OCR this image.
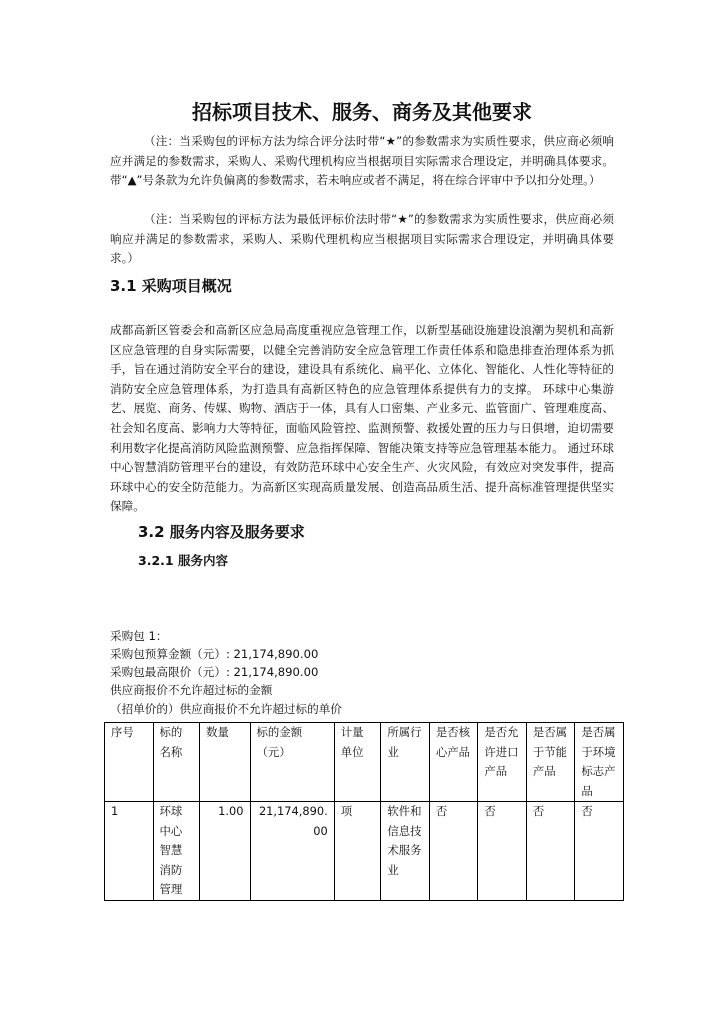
招标项目技术、服务、商务及其他要求
（注：当采购包的评标方法为综合评分法时带“★”的参数需求为实质性要求，供应商必须响应并满足的参数需求，采购人、采购代理机构应当根据项目实际需求合理设定，并明确具体要求。带“▲”号条款为允许负偏离的参数需求，若未响应或者不满足，将在综合评审中予以扣分处理。）
（注：当采购包的评标方法为最低评标价法时带“★”的参数需求为实质性要求，供应商必须响应并满足的参数需求，采购人、采购代理机构应当根据项目实际需求合理设定，并明确具体要求。）
3.1 采购项目概况
成都高新区管委会和高新区应急局高度重视应急管理工作，以新型基础设施建设浪潮为契机和高新区应急管理的自身实际需要，以健全完善消防安全应急管理工作责任体系和隐患排查治理体系为抓手，旨在通过消防安全平台的建设，建设具有系统化、扁平化、立体化、智能化、人性化等特征的消防安全应急管理体系，为打造具有高新区特色的应急管理体系提供有力的支撑。 环球中心集游艺、展览、商务、传媒、购物、酒店于一体，具有人口密集、产业多元、监管面广、管理难度高、社会知名度高、影响力大等特征，面临风险管控、监测预警、救援处置的压力与日俱增，迫切需要利用数字化提高消防风险监测预警、应急指挥保障、智能决策支持等应急管理基本能力。 通过环球中心智慧消防管理平台的建设，有效防范环球中心安全生产、火灾风险，有效应对突发事件，提高环球中心的安全防范能力。为高新区实现高质量发展、创造高品质生活、提升高标准管理提供坚实保障。
3.2 服务内容及服务要求
3.2.1 服务内容
采购包 1：
采购包预算金额（元）: 21,174,890.00
采购包最高限价（元）: 21,174,890.00
供应商报价不允许超过标的金额
（招单价的）供应商报价不允许超过标的单价
序号	标的名称	数量	标的金额（元）	计量单位	所属行业	是否核心产品	是否允许进口产品	是否属于节能产品	是否属于环境标志产品
1	环球中心智慧消防管理	1.00	21,174,890.00	项	软件和信息技术服务业	否	否	否	否
